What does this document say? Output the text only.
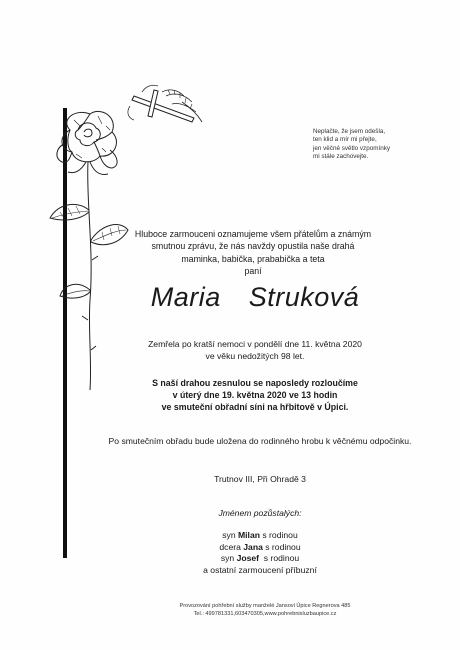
Neplačte, že jsem odešla,
ten klid a mír mi přejte,
jen věčné světlo vzpomínky
mi stále zachovejte.
Hluboce zarmouceni oznamujeme všem přátelům a známým
smutnou zprávu, že nás navždy opustila naše drahá
maminka, babička, prababička a teta
paní
Maria  Struková
Zemřela po kratší nemoci v pondělí dne 11. května 2020
ve věku nedožitých 98 let.
S naší drahou zesnulou se naposledy rozloučíme
v úterý dne 19. května 2020 ve 13 hodin
ve smuteční obřadní síni na hřbitově v Úpici.
Po smutečním obřadu bude uložena do rodinného hrobu k věčnému odpočinku.
Trutnov III, Při Ohradě 3
Jménem pozůstalých:
syn Milan s rodinou
dcera Jana s rodinou
syn Josef  s rodinou
a ostatní zarmoucení příbuzní
Provozování pohřební služby manželé Jansovi Úpice Regnerova 485
Tel.: 499781331,603470305,www.pohrebnisluzbaupice.cz
